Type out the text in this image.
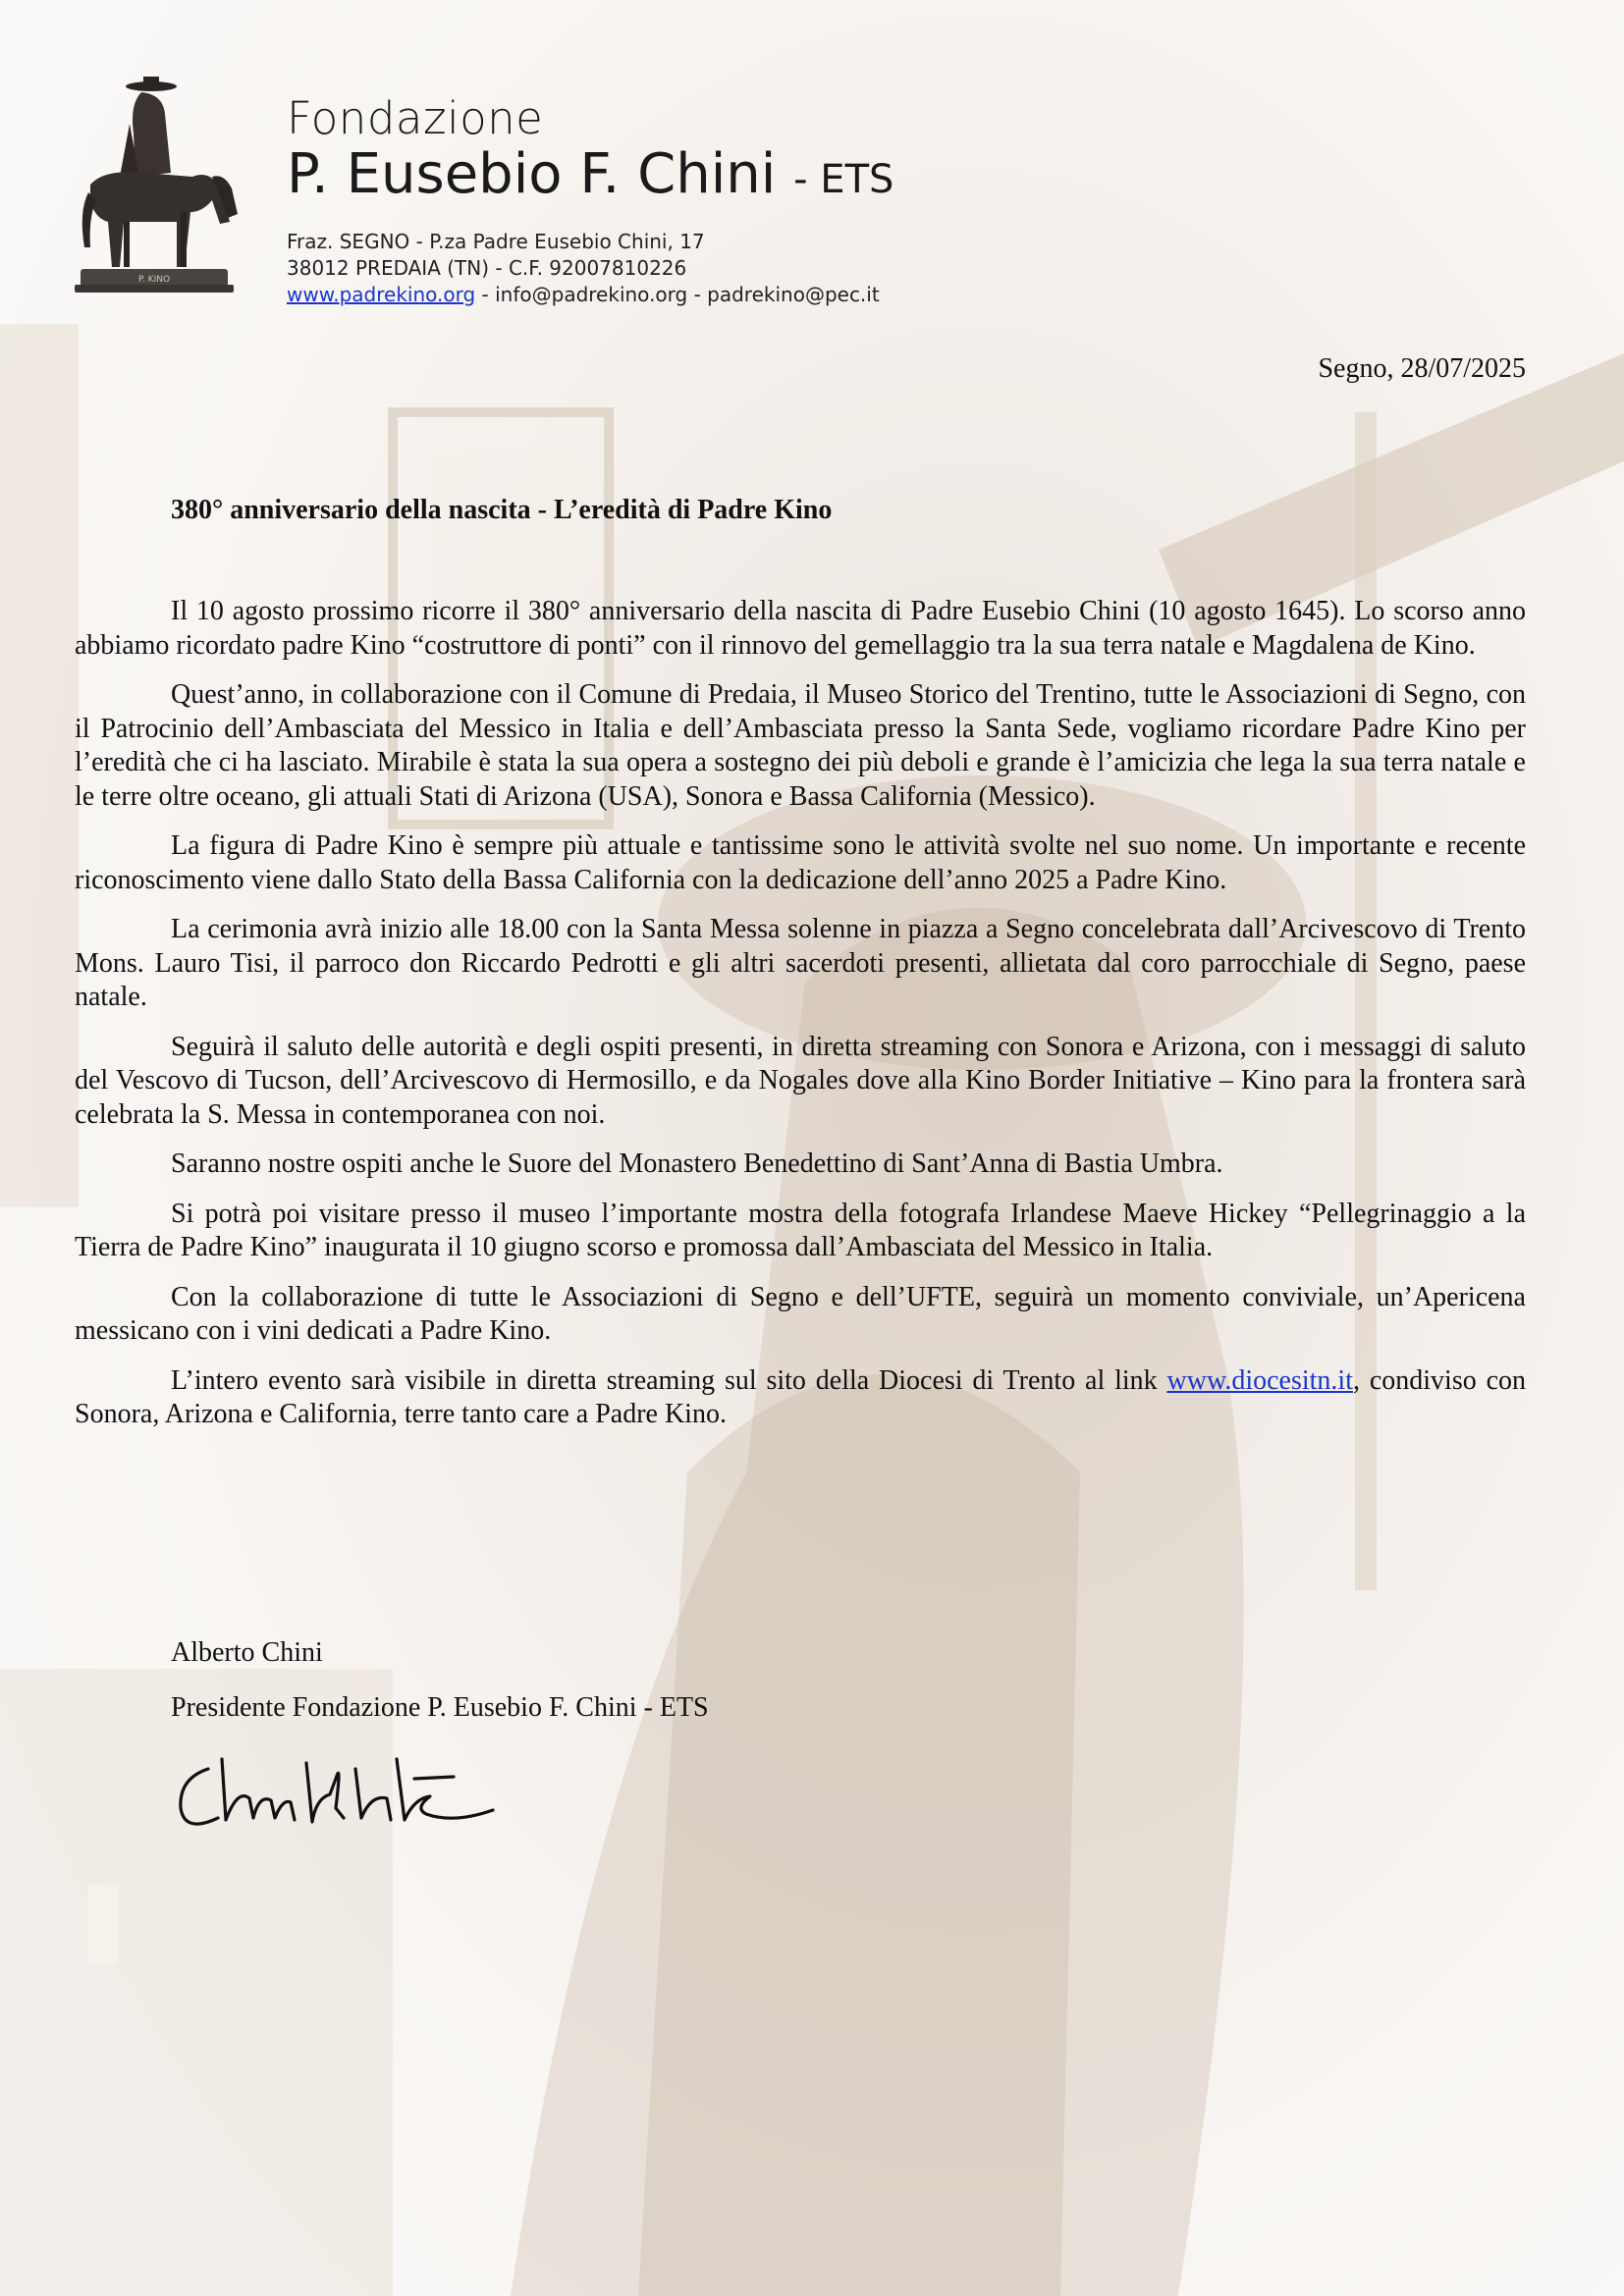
P. KINO
Fondazione
P. Eusebio F. Chini - ETS
Fraz. SEGNO - P.za Padre Eusebio Chini, 17
38012 PREDAIA (TN) - C.F. 92007810226
www.padrekino.org - info@padrekino.org - padrekino@pec.it
Segno, 28/07/2025
380° anniversario della nascita - L’eredità di Padre Kino

Il 10 agosto prossimo ricorre il 380° anniversario della nascita di Padre Eusebio Chini (10 agosto 1645). Lo scorso anno abbiamo ricordato padre Kino “costruttore di ponti” con il rinnovo del gemellaggio tra la sua terra natale e Magdalena de Kino.

Quest’anno, in collaborazione con il Comune di Predaia, il Museo Storico del Trentino, tutte le Associazioni di Segno, con il Patrocinio dell’Ambasciata del Messico in Italia e dell’Ambasciata presso la Santa Sede, vogliamo ricordare Padre Kino per l’eredità che ci ha lasciato. Mirabile è stata la sua opera a sostegno dei più deboli e grande è l’amicizia che lega la sua terra natale e le terre oltre oceano, gli attuali Stati di Arizona (USA), Sonora e Bassa California (Messico).

La figura di Padre Kino è sempre più attuale e tantissime sono le attività svolte nel suo nome. Un importante e recente riconoscimento viene dallo Stato della Bassa California con la dedicazione dell’anno 2025 a Padre Kino.

La cerimonia avrà inizio alle 18.00 con la Santa Messa solenne in piazza a Segno concelebrata dall’Arcivescovo di Trento Mons. Lauro Tisi, il parroco don Riccardo Pedrotti e gli altri sacerdoti presenti, allietata dal coro parrocchiale di Segno, paese natale.

Seguirà il saluto delle autorità e degli ospiti presenti, in diretta streaming con Sonora e Arizona, con i messaggi di saluto del Vescovo di Tucson, dell’Arcivescovo di Hermosillo, e da Nogales dove alla Kino Border Initiative – Kino para la frontera sarà celebrata la S. Messa in contemporanea con noi.

Saranno nostre ospiti anche le Suore del Monastero Benedettino di Sant’Anna di Bastia Umbra.

Si potrà poi visitare presso il museo l’importante mostra della fotografa Irlandese Maeve Hickey “Pellegrinaggio a la Tierra de Padre Kino” inaugurata il 10 giugno scorso e promossa dall’Ambasciata del Messico in Italia.

Con la collaborazione di tutte le Associazioni di Segno e dell’UFTE, seguirà un momento conviviale, un’Apericena messicano con i vini dedicati a Padre Kino.

L’intero evento sarà visibile in diretta streaming sul sito della Diocesi di Trento al link www.diocesitn.it, condiviso con Sonora, Arizona e California, terre tanto care a Padre Kino.

Alberto Chini
Presidente Fondazione P. Eusebio F. Chini - ETS
